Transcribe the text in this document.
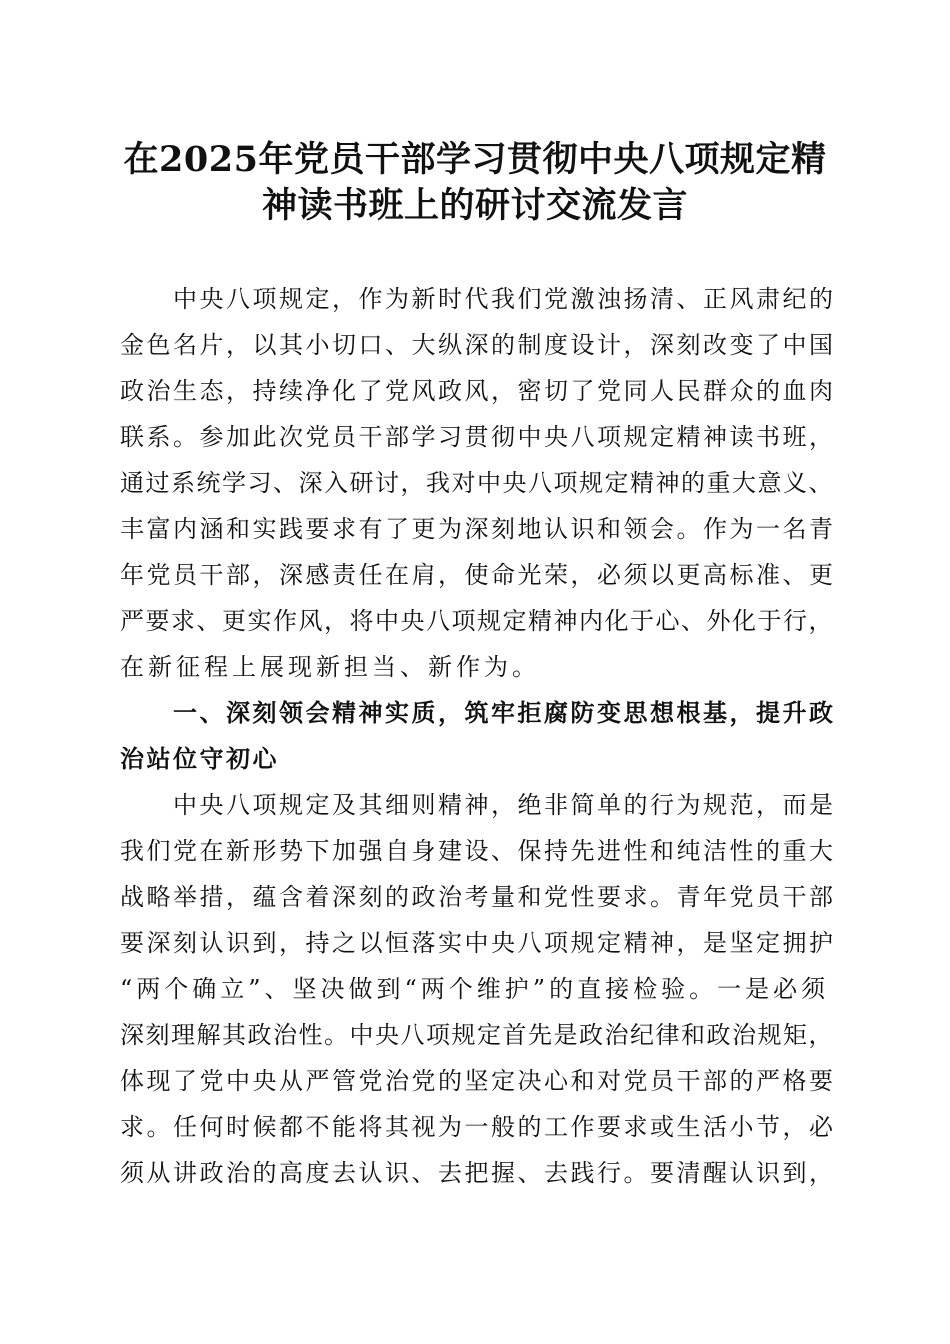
在2025年党员干部学习贯彻中央八项规定精
神读书班上的研讨交流发言
　　中央八项规定，作为新时代我们党激浊扬清、正风肃纪的
金色名片，以其小切口、大纵深的制度设计，深刻改变了中国
政治生态，持续净化了党风政风，密切了党同人民群众的血肉
联系。参加此次党员干部学习贯彻中央八项规定精神读书班，
通过系统学习、深入研讨，我对中央八项规定精神的重大意义、
丰富内涵和实践要求有了更为深刻地认识和领会。作为一名青
年党员干部，深感责任在肩，使命光荣，必须以更高标准、更
严要求、更实作风，将中央八项规定精神内化于心、外化于行，
在新征程上展现新担当、新作为。
　　一、深刻领会精神实质，筑牢拒腐防变思想根基，提升政
治站位守初心
　　中央八项规定及其细则精神，绝非简单的行为规范，而是
我们党在新形势下加强自身建设、保持先进性和纯洁性的重大
战略举措，蕴含着深刻的政治考量和党性要求。青年党员干部
要深刻认识到，持之以恒落实中央八项规定精神，是坚定拥护
“两个确立”、坚决做到“两个维护”的直接检验。一是必须
深刻理解其政治性。中央八项规定首先是政治纪律和政治规矩，
体现了党中央从严管党治党的坚定决心和对党员干部的严格要
求。任何时候都不能将其视为一般的工作要求或生活小节，必
须从讲政治的高度去认识、去把握、去践行。要清醒认识到，
